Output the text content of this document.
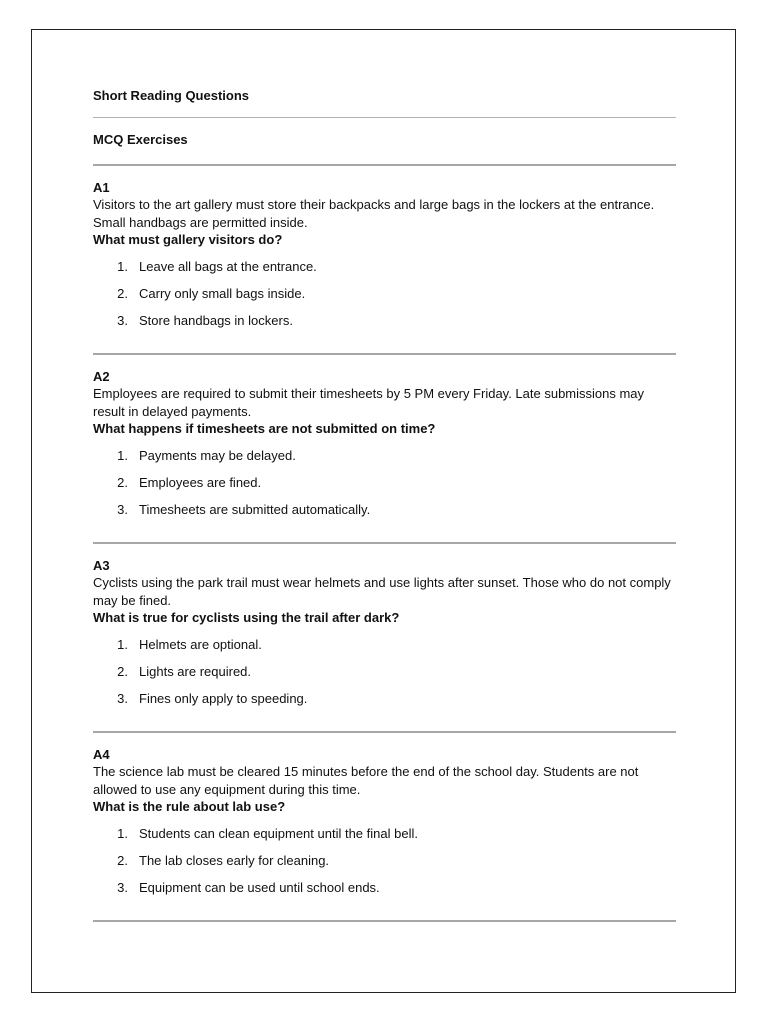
Short Reading Questions

MCQ Exercises

A1

Visitors to the art gallery must store their backpacks and large bags in the lockers at the entrance. Small handbags are permitted inside.

What must gallery visitors do?

1. Leave all bags at the entrance.
2. Carry only small bags inside.
3. Store handbags in lockers.

A2

Employees are required to submit their timesheets by 5 PM every Friday. Late submissions may result in delayed payments.

What happens if timesheets are not submitted on time?

1. Payments may be delayed.
2. Employees are fined.
3. Timesheets are submitted automatically.

A3

Cyclists using the park trail must wear helmets and use lights after sunset. Those who do not comply may be fined.

What is true for cyclists using the trail after dark?

1. Helmets are optional.
2. Lights are required.
3. Fines only apply to speeding.

A4

The science lab must be cleared 15 minutes before the end of the school day. Students are not allowed to use any equipment during this time.

What is the rule about lab use?

1. Students can clean equipment until the final bell.
2. The lab closes early for cleaning.
3. Equipment can be used until school ends.
